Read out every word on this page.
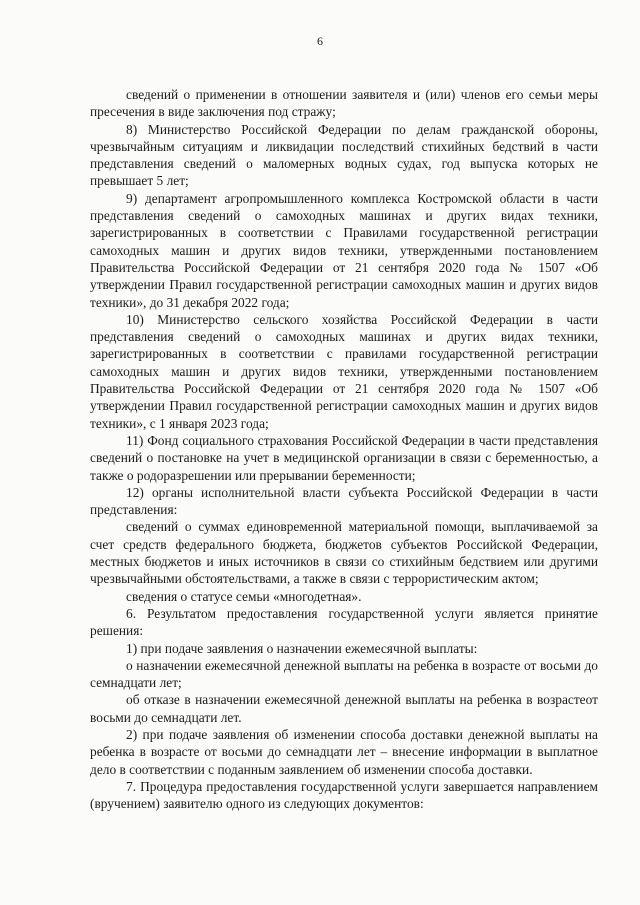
6

сведений о применении в отношении заявителя и (или) членов его семьи меры пресечения в виде заключения под стражу;

8) Министерство Российской Федерации по делам гражданской обороны, чрезвычайным ситуациям и ликвидации последствий стихийных бедствий в части представления сведений о маломерных водных судах, год выпуска которых не превышает 5 лет;

9) департамент агропромышленного комплекса Костромской области в части представления сведений о самоходных машинах и других видах техники, зарегистрированных в соответствии с Правилами государственной регистрации самоходных машин и других видов техники, утвержденными постановлением Правительства Российской Федерации от 21 сентября 2020 года № 1507 «Об утверждении Правил государственной регистрации самоходных машин и других видов техники», до 31 декабря 2022 года;

10) Министерство сельского хозяйства Российской Федерации в части представления сведений о самоходных машинах и других видах техники, зарегистрированных в соответствии с правилами государственной регистрации самоходных машин и других видов техники, утвержденными постановлением Правительства Российской Федерации от 21 сентября 2020 года № 1507 «Об утверждении Правил государственной регистрации самоходных машин и других видов техники», с 1 января 2023 года;

11) Фонд социального страхования Российской Федерации в части представления сведений о постановке на учет в медицинской организации в связи с беременностью, а также о родоразрешении или прерывании беременности;

12) органы исполнительной власти субъекта Российской Федерации в части представления:

сведений о суммах единовременной материальной помощи, выплачиваемой за счет средств федерального бюджета, бюджетов субъектов Российской Федерации, местных бюджетов и иных источников в связи со стихийным бедствием или другими чрезвычайными обстоятельствами, а также в связи с террористическим актом;

сведения о статусе семьи «многодетная».

6. Результатом предоставления государственной услуги является принятие решения:

1) при подаче заявления о назначении ежемесячной выплаты:

о назначении ежемесячной денежной выплаты на ребенка в возрасте от восьми до семнадцати лет;

об отказе в назначении ежемесячной денежной выплаты на ребенка в возрастеот восьми до семнадцати лет.

2) при подаче заявления об изменении способа доставки денежной выплаты на ребенка в возрасте от восьми до семнадцати лет – внесение информации в выплатное дело в соответствии с поданным заявлением об изменении способа доставки.

7. Процедура предоставления государственной услуги завершается направлением (вручением) заявителю одного из следующих документов:
